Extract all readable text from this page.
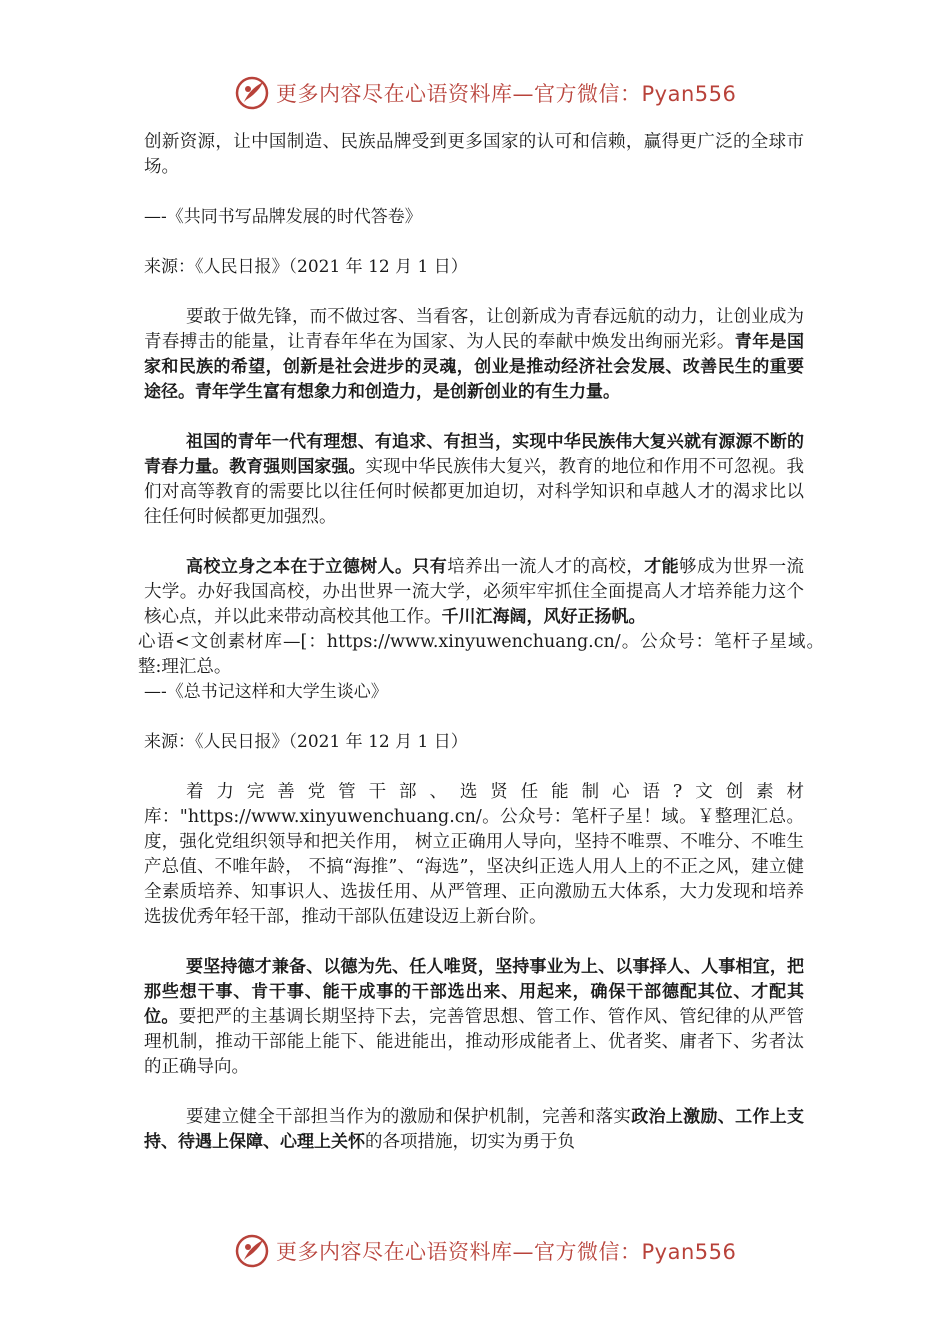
更多内容尽在心语资料库—官方微信：Pyan556

创新资源，让中国制造、民族品牌受到更多国家的认可和信赖，赢得更广泛的全球市场。

—-《共同书写品牌发展的时代答卷》

来源：《人民日报》（2021 年 12 月 1 日）

要敢于做先锋，而不做过客、当看客，让创新成为青春远航的动力，让创业成为青春搏击的能量，让青春年华在为国家、为人民的奉献中焕发出绚丽光彩。青年是国家和民族的希望，创新是社会进步的灵魂，创业是推动经济社会发展、改善民生的重要途径。青年学生富有想象力和创造力，是创新创业的有生力量。

祖国的青年一代有理想、有追求、有担当，实现中华民族伟大复兴就有源源不断的青春力量。教育强则国家强。实现中华民族伟大复兴，教育的地位和作用不可忽视。我们对高等教育的需要比以往任何时候都更加迫切，对科学知识和卓越人才的渴求比以往任何时候都更加强烈。

高校立身之本在于立德树人。只有培养出一流人才的高校，才能够成为世界一流大学。办好我国高校，办出世界一流大学，必须牢牢抓住全面提高人才培养能力这个核心点，并以此来带动高校其他工作。千川汇海阔，风好正扬帆。

心语<文创素材库—[：https://www.xinyuwenchuang.cn/。公众号：笔杆子星域。整:理汇总。

—-《总书记这样和大学生谈心》

来源：《人民日报》（2021 年 12 月 1 日）

着力完善党管干部、选贤任能制心语?文创素材库："https://www.xinyuwenchuang.cn/。公众号：笔杆子星！域。￥整理汇总。度，强化党组织领导和把关作用， 树立正确用人导向，坚持不唯票、不唯分、不唯生产总值、不唯年龄， 不搞“海推”、“海选”，坚决纠正选人用人上的不正之风，建立健全素质培养、知事识人、选拔任用、从严管理、正向激励五大体系，大力发现和培养选拔优秀年轻干部，推动干部队伍建设迈上新台阶。

要坚持德才兼备、以德为先、任人唯贤，坚持事业为上、以事择人、人事相宜，把那些想干事、肯干事、能干成事的干部选出来、用起来，确保干部德配其位、才配其位。要把严的主基调长期坚持下去，完善管思想、管工作、管作风、管纪律的从严管理机制，推动干部能上能下、能进能出，推动形成能者上、优者奖、庸者下、劣者汰的正确导向。

要建立健全干部担当作为的激励和保护机制，完善和落实政治上激励、工作上支持、待遇上保障、心理上关怀的各项措施，切实为勇于负

更多内容尽在心语资料库—官方微信：Pyan556
